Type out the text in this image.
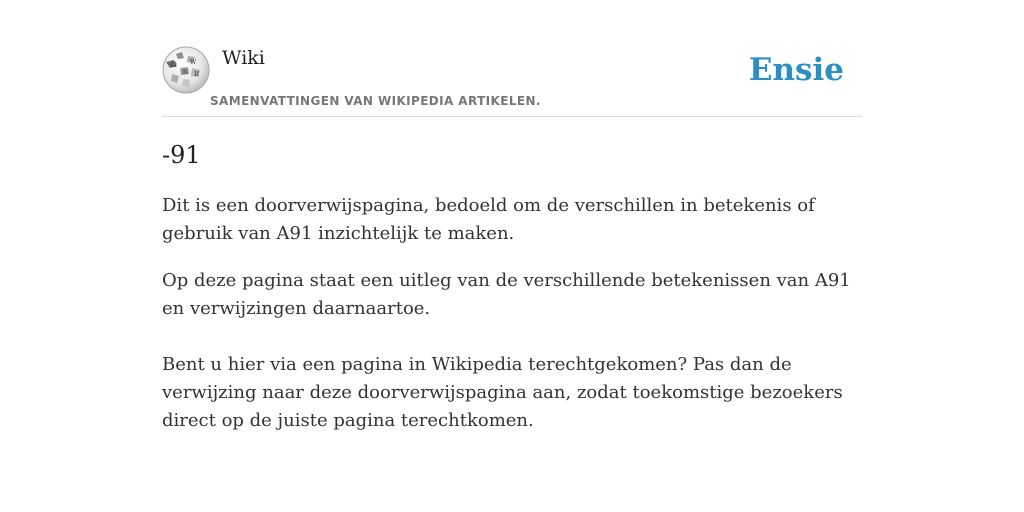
Ω W
И
维
Wiki
SAMENVATTINGEN VAN WIKIPEDIA ARTIKELEN.
Ensie
-91

Dit is een doorverwijspagina, bedoeld om de verschillen in betekenis of gebruik van A91 inzichtelijk te maken.

Op deze pagina staat een uitleg van de verschillende betekenissen van A91 en verwijzingen daarnaartoe.

Bent u hier via een pagina in Wikipedia terechtgekomen? Pas dan de verwijzing naar deze doorverwijspagina aan, zodat toekomstige bezoekers direct op de juiste pagina terechtkomen.
